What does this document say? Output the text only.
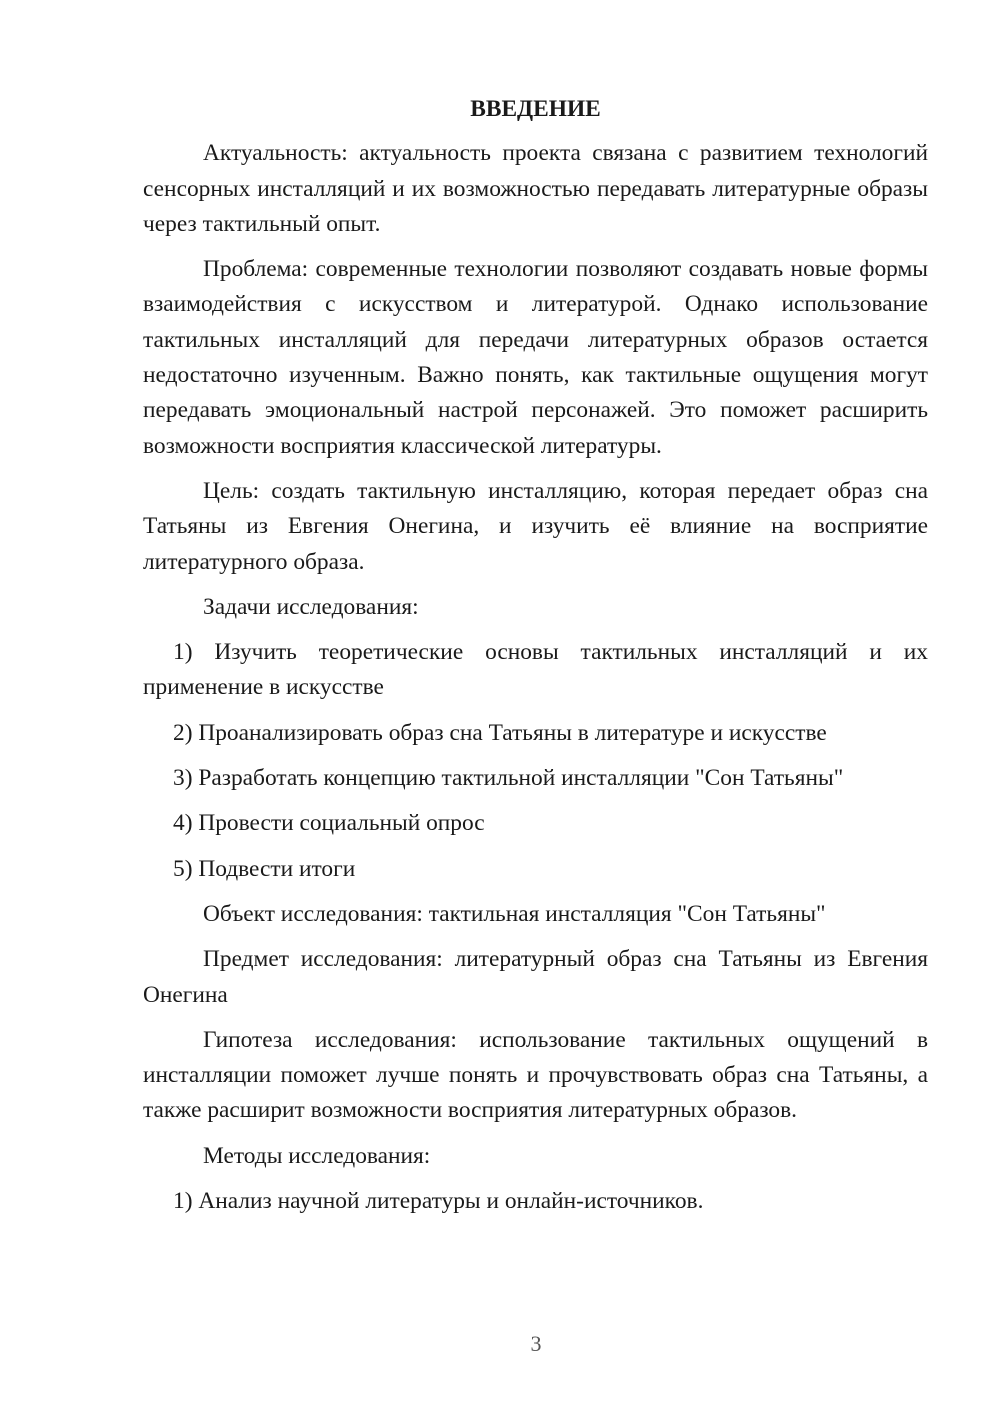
ВВЕДЕНИЕ

Актуальность: актуальность проекта связана с развитием технологий сенсорных инсталляций и их возможностью передавать литературные образы через тактильный опыт.

Проблема: современные технологии позволяют создавать новые формы взаимодействия с искусством и литературой. Однако использование тактильных инсталляций для передачи литературных образов остается недостаточно изученным. Важно понять, как тактильные ощущения могут передавать эмоциональный настрой персонажей. Это поможет расширить возможности восприятия классической литературы.

Цель: создать тактильную инсталляцию, которая передает образ сна Татьяны из Евгения Онегина, и изучить её влияние на восприятие литературного образа.

Задачи исследования:

1) Изучить теоретические основы тактильных инсталляций и их применение в искусстве

2) Проанализировать образ сна Татьяны в литературе и искусстве

3) Разработать концепцию тактильной инсталляции "Сон Татьяны"

4) Провести социальный опрос

5) Подвести итоги

Объект исследования: тактильная инсталляция "Сон Татьяны"

Предмет исследования: литературный образ сна Татьяны из Евгения Онегина

Гипотеза исследования: использование тактильных ощущений в инсталляции поможет лучше понять и прочувствовать образ сна Татьяны, а также расширит возможности восприятия литературных образов.

Методы исследования:

1) Анализ научной литературы и онлайн-источников.

3
